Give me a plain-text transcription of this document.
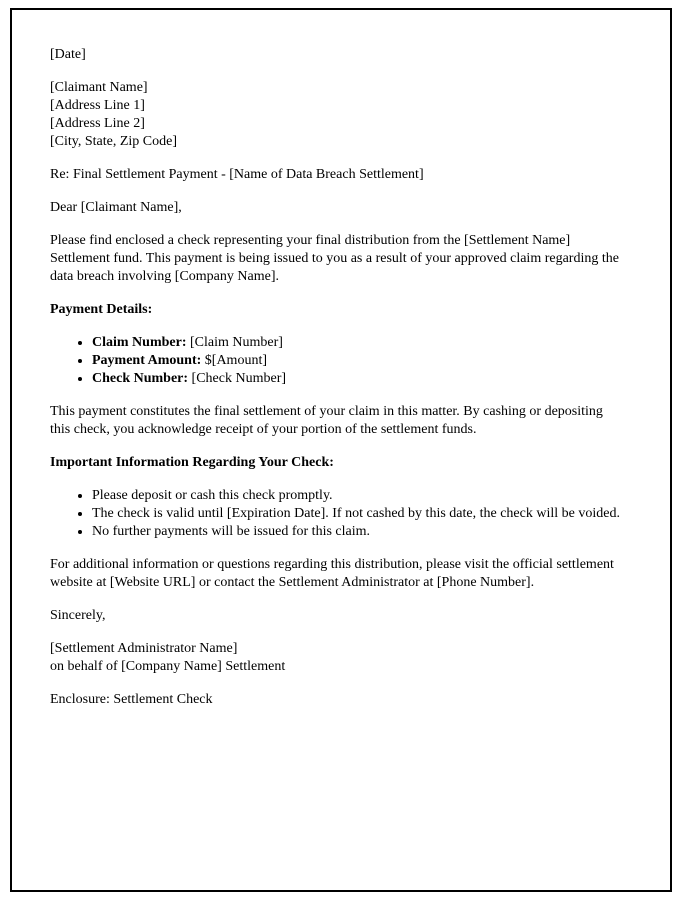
[Date]

[Claimant Name]
[Address Line 1]
[Address Line 2]
[City, State, Zip Code]

Re: Final Settlement Payment - [Name of Data Breach Settlement]

Dear [Claimant Name],

Please find enclosed a check representing your final distribution from the [Settlement Name] Settlement fund. This payment is being issued to you as a result of your approved claim regarding the data breach involving [Company Name].

Payment Details:

• Claim Number: [Claim Number]
• Payment Amount: $[Amount]
• Check Number: [Check Number]

This payment constitutes the final settlement of your claim in this matter. By cashing or depositing this check, you acknowledge receipt of your portion of the settlement funds.

Important Information Regarding Your Check:

• Please deposit or cash this check promptly.
• The check is valid until [Expiration Date]. If not cashed by this date, the check will be voided.
• No further payments will be issued for this claim.

For additional information or questions regarding this distribution, please visit the official settlement website at [Website URL] or contact the Settlement Administrator at [Phone Number].

Sincerely,

[Settlement Administrator Name]
on behalf of [Company Name] Settlement

Enclosure: Settlement Check
